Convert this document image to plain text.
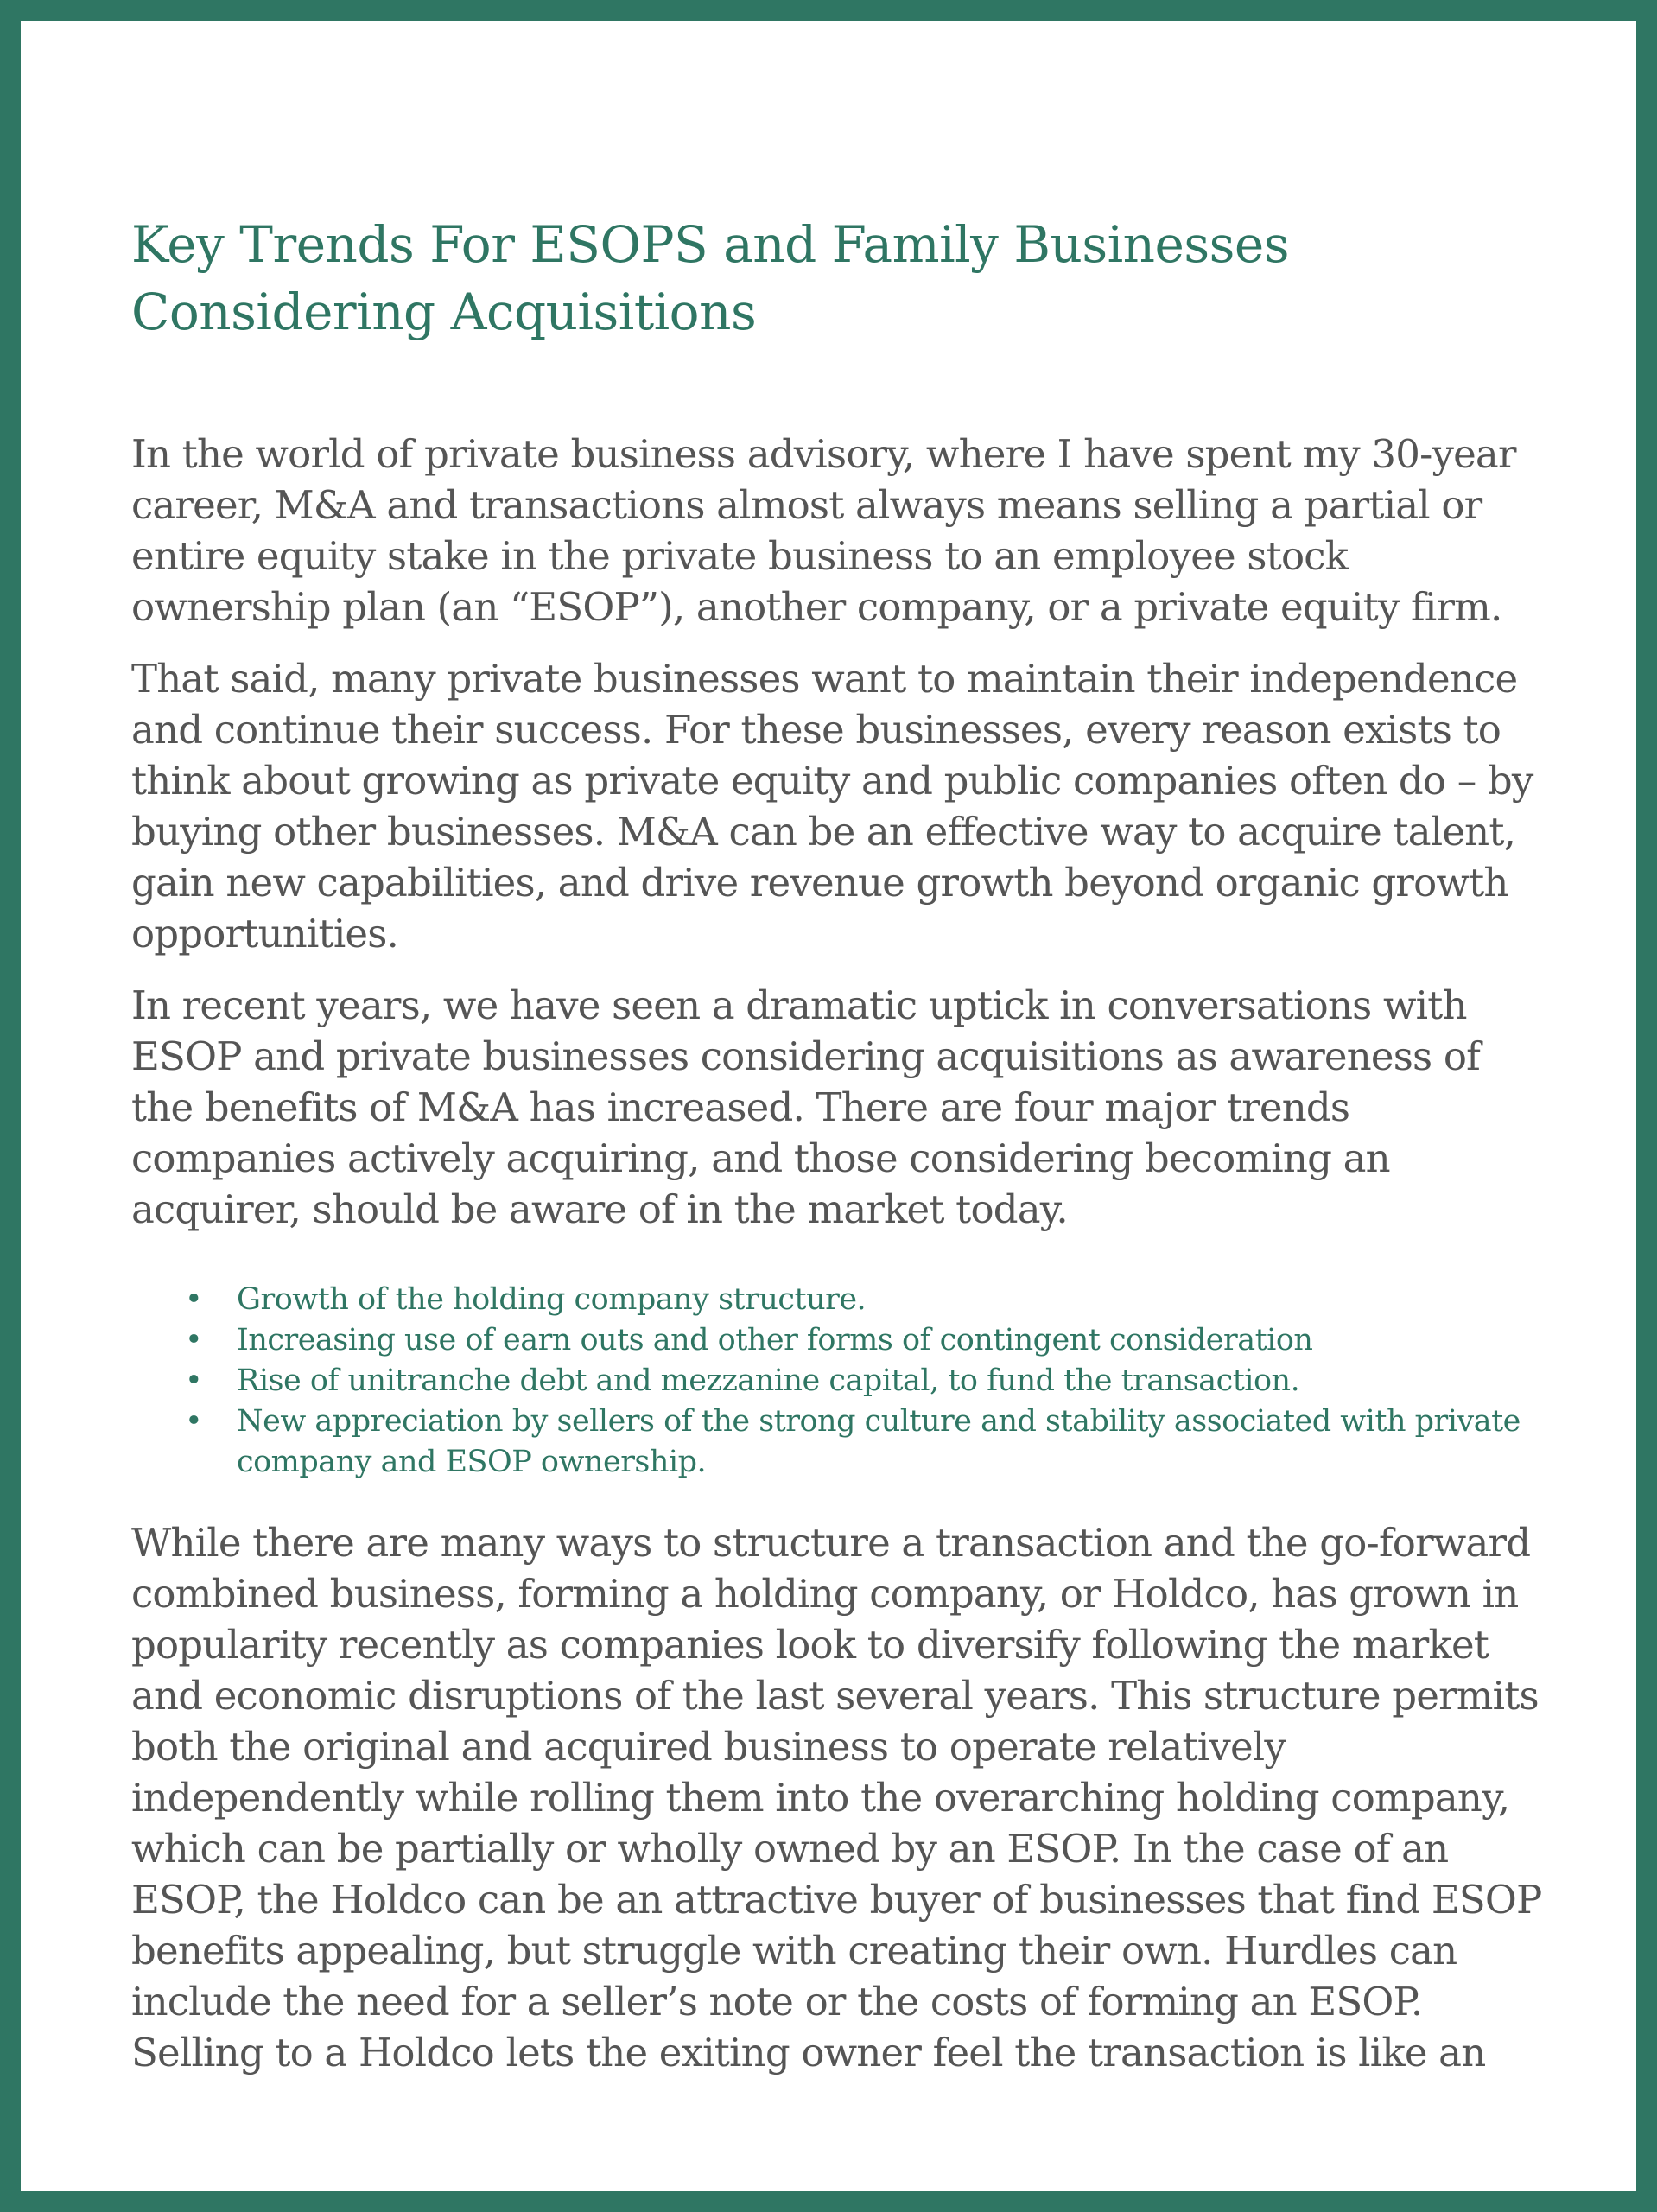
Key Trends For ESOPS and Family Businesses Considering Acquisitions

In the world of private business advisory, where I have spent my 30-year career, M&A and transactions almost always means selling a partial or entire equity stake in the private business to an employee stock ownership plan (an “ESOP”), another company, or a private equity firm.

That said, many private businesses want to maintain their independence and continue their success. For these businesses, every reason exists to think about growing as private equity and public companies often do – by buying other businesses. M&A can be an effective way to acquire talent, gain new capabilities, and drive revenue growth beyond organic growth opportunities.

In recent years, we have seen a dramatic uptick in conversations with ESOP and private businesses considering acquisitions as awareness of the benefits of M&A has increased. There are four major trends companies actively acquiring, and those considering becoming an acquirer, should be aware of in the market today.

• Growth of the holding company structure.
• Increasing use of earn outs and other forms of contingent consideration
• Rise of unitranche debt and mezzanine capital, to fund the transaction.
• New appreciation by sellers of the strong culture and stability associated with private company and ESOP ownership.

While there are many ways to structure a transaction and the go-forward combined business, forming a holding company, or Holdco, has grown in popularity recently as companies look to diversify following the market and economic disruptions of the last several years. This structure permits both the original and acquired business to operate relatively independently while rolling them into the overarching holding company, which can be partially or wholly owned by an ESOP. In the case of an ESOP, the Holdco can be an attractive buyer of businesses that find ESOP benefits appealing, but struggle with creating their own. Hurdles can include the need for a seller’s note or the costs of forming an ESOP. Selling to a Holdco lets the exiting owner feel the transaction is like an
